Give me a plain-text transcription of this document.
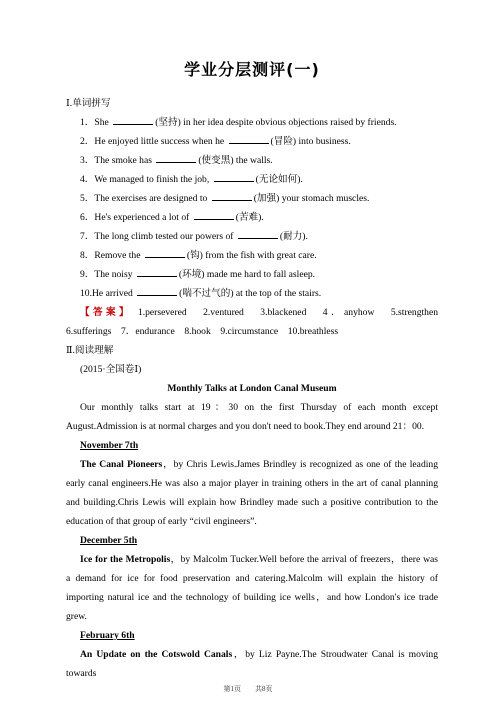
学业分层测评(一)
Ⅰ.单词拼写
1．She	(坚持) in her idea despite obvious objections raised by friends.
2．He enjoyed little success when he	(冒险) into business.
3．The smoke has	(使变黑) the walls.
4．We managed to finish the job,	(无论如何).
5．The exercises are designed to	(加强) your stomach muscles.
6．He's experienced a lot of	(苦难).
7．The long climb tested our powers of	(耐力).
8．Remove the	(钩) from the fish with great care.
9．The noisy	(环境) made me hard to fall asleep.
10.He arrived	(喘不过气的) at the top of the stairs.

【答案】 1.persevered　2.ventured　3.blackened　4．anyhow　5.strengthen　6.sufferings　7．endurance　8.hook　9.circumstance　10.breathless

Ⅱ.阅读理解
(2015·全国卷Ⅰ)
Monthly Talks at London Canal Museum

Our monthly talks start at 19：30 on the first Thursday of each month except August.Admission is at normal charges and you don't need to book.They end around 21：00.

November 7th

The Canal Pioneers，by Chris Lewis.James Brindley is recognized as one of the leading early canal engineers.He was also a major player in training others in the art of canal planning and building.Chris Lewis will explain how Brindley made such a positive contribution to the education of that group of early “civil engineers”.

December 5th

Ice for the Metropolis，by Malcolm Tucker.Well before the arrival of freezers，there was a demand for ice for food preservation and catering.Malcolm will explain the history of importing natural ice and the technology of building ice wells，and how London's ice trade grew.

February 6th

An Update on the Cotswold Canals，by Liz Payne.The Stroudwater Canal is moving towards

第1页　　共8页
